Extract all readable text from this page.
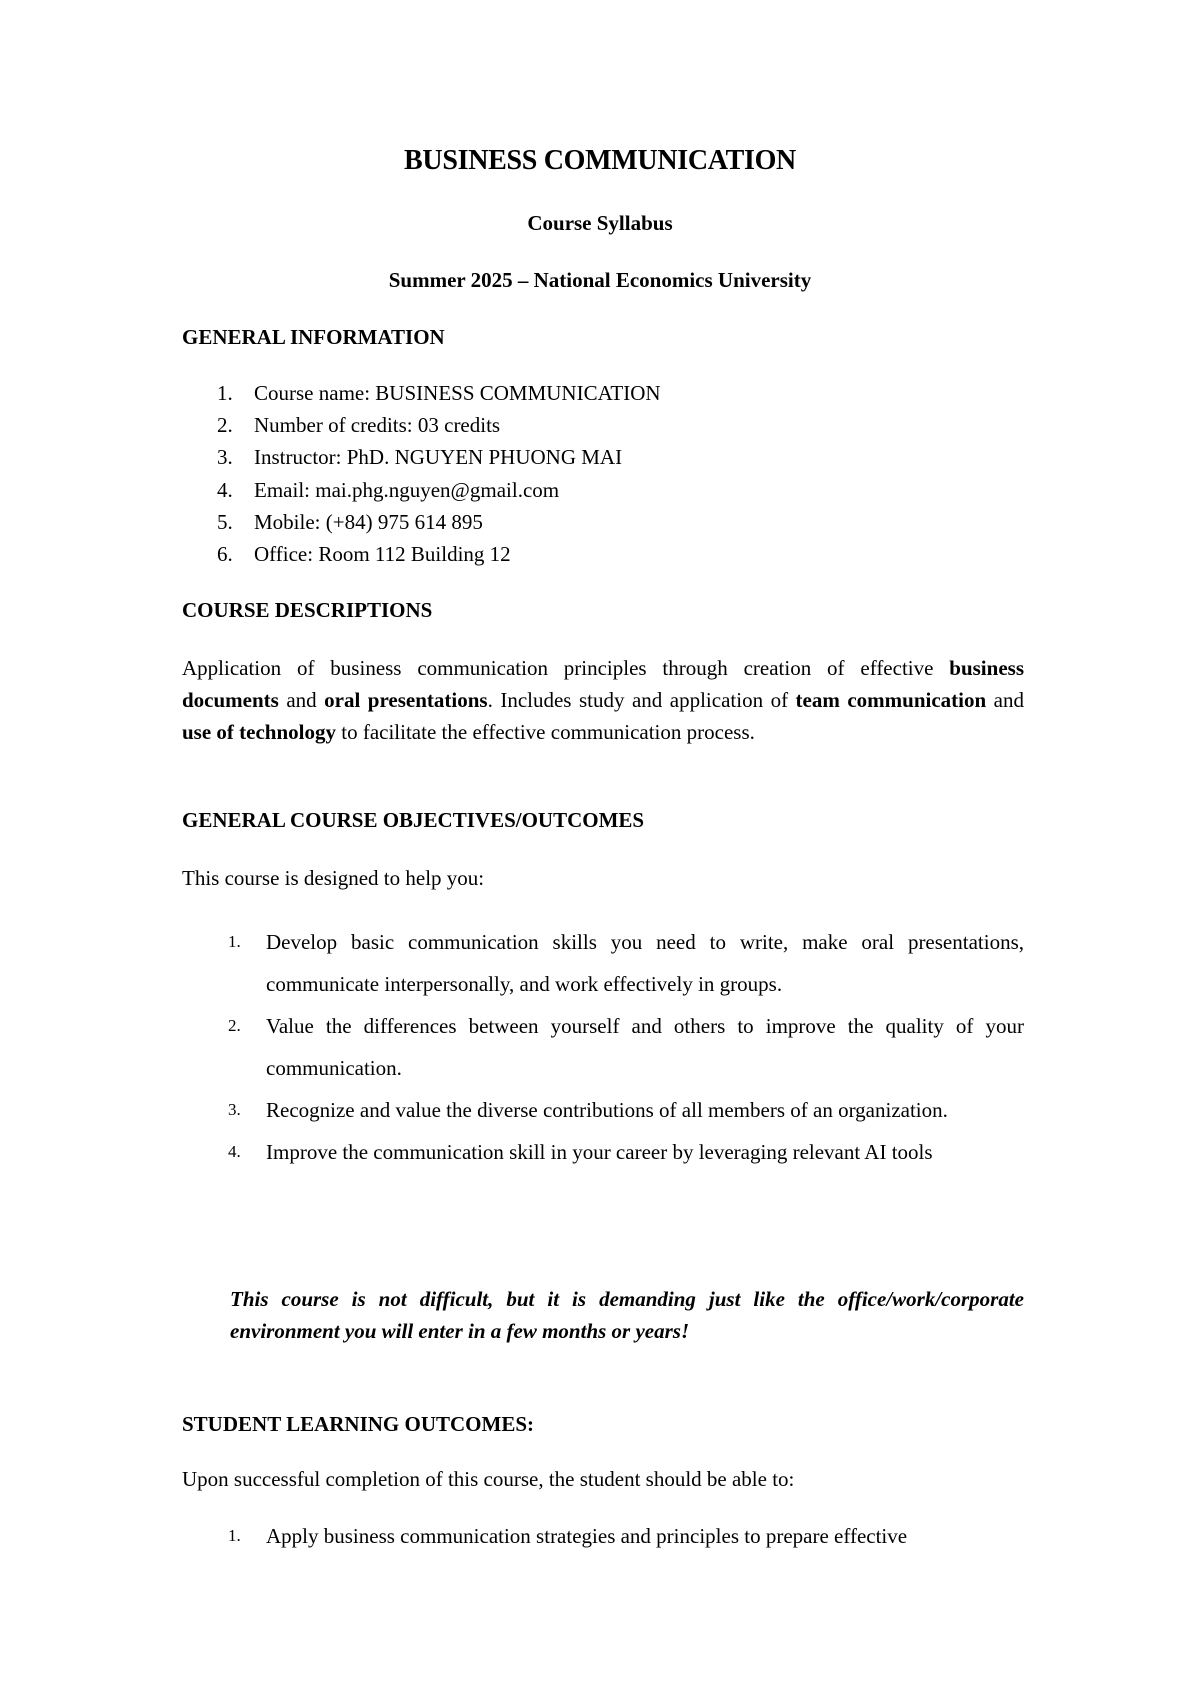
BUSINESS COMMUNICATION
Course Syllabus
Summer 2025 – National Economics University
GENERAL INFORMATION
1.	Course name: BUSINESS COMMUNICATION
2.	Number of credits: 03 credits
3.	Instructor: PhD. NGUYEN PHUONG MAI
4.	Email: mai.phg.nguyen@gmail.com
5.	Mobile: (+84) 975 614 895
6.	Office: Room 112 Building 12
COURSE DESCRIPTIONS
Application of business communication principles through creation of effective business documents and oral presentations. Includes study and application of team communication and use of technology to facilitate the effective communication process.
GENERAL COURSE OBJECTIVES/OUTCOMES
This course is designed to help you:
1.	Develop basic communication skills you need to write, make oral presentations, communicate interpersonally, and work effectively in groups.
2.	Value the differences between yourself and others to improve the quality of your communication.
3.	Recognize and value the diverse contributions of all members of an organization.
4.	Improve the communication skill in your career by leveraging relevant AI tools
This course is not difficult, but it is demanding just like the office/work/corporate environment you will enter in a few months or years!
STUDENT LEARNING OUTCOMES:
Upon successful completion of this course, the student should be able to:
1.	Apply business communication strategies and principles to prepare effective
